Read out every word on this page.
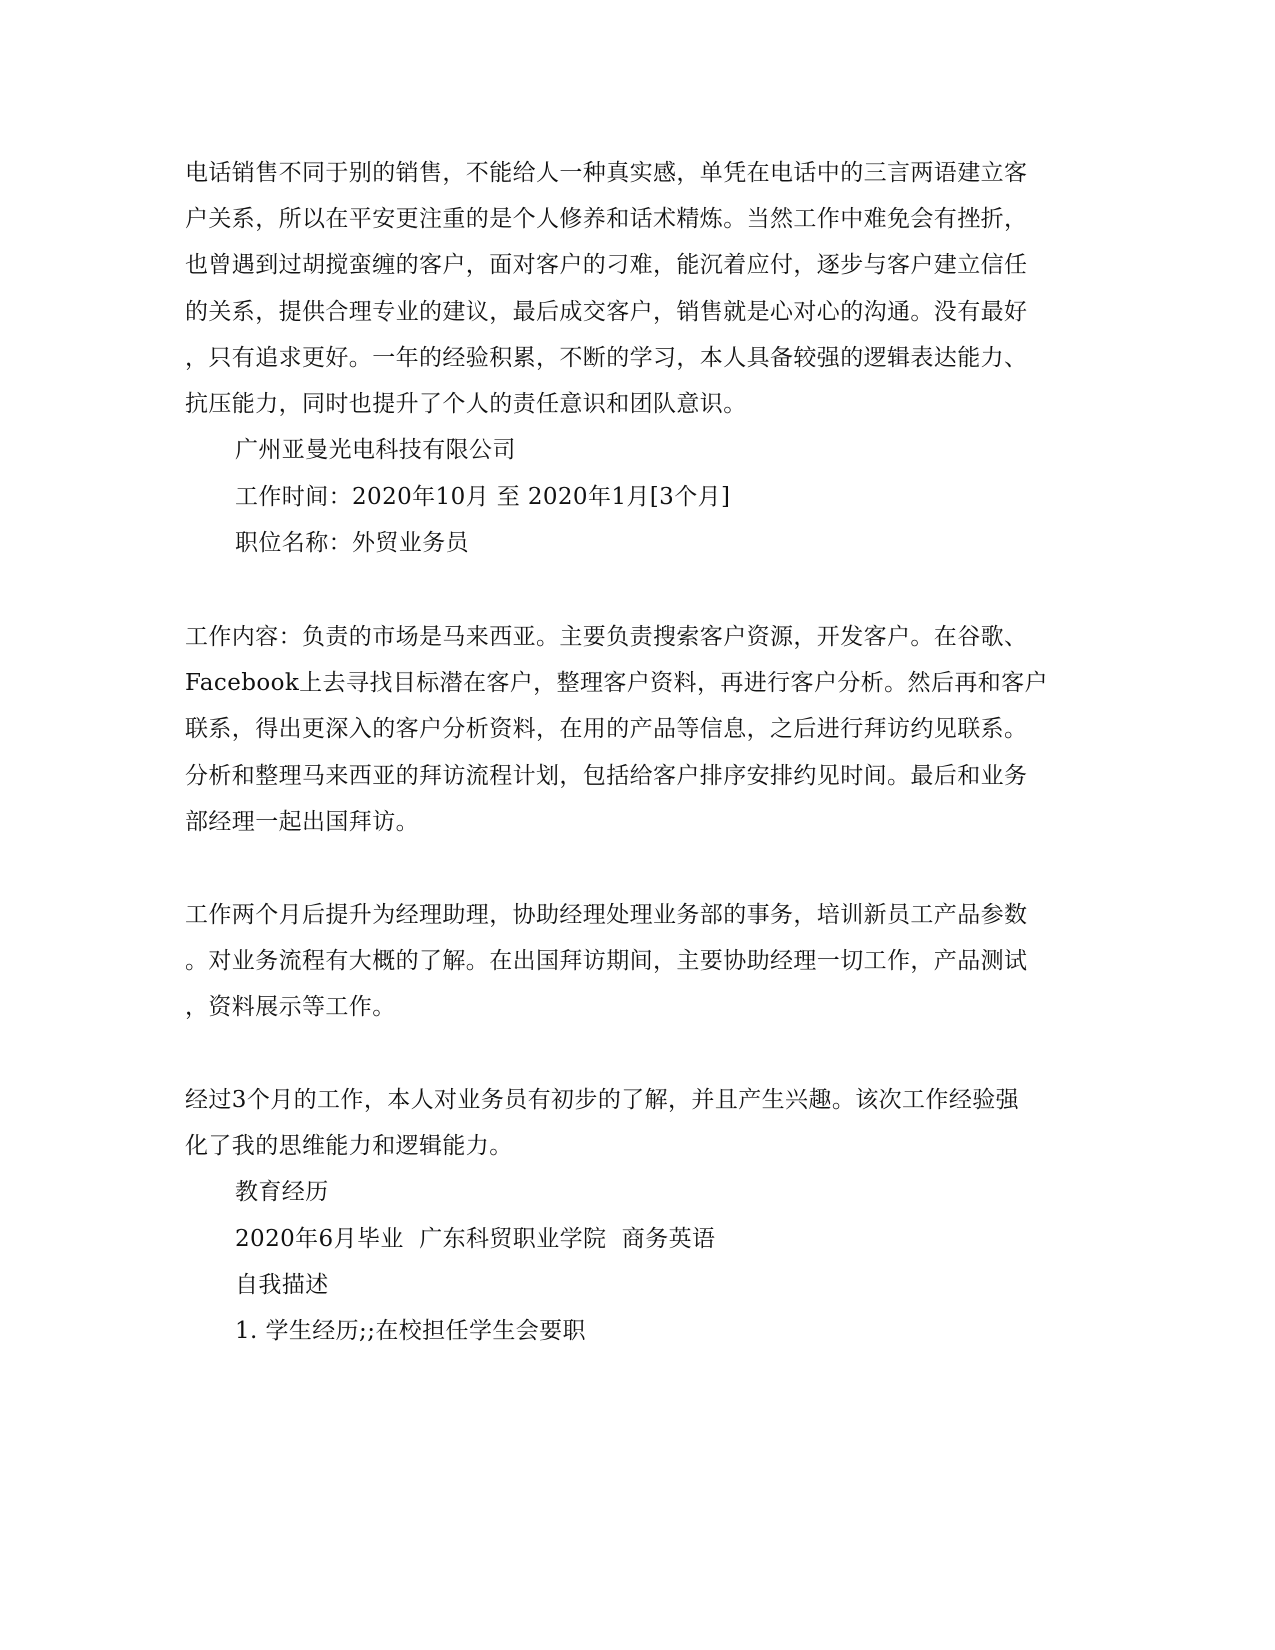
电话销售不同于别的销售，不能给人一种真实感，单凭在电话中的三言两语建立客
户关系，所以在平安更注重的是个人修养和话术精炼。当然工作中难免会有挫折，
也曾遇到过胡搅蛮缠的客户，面对客户的刁难，能沉着应付，逐步与客户建立信任
的关系，提供合理专业的建议，最后成交客户，销售就是心对心的沟通。没有最好
，只有追求更好。一年的经验积累，不断的学习，本人具备较强的逻辑表达能力、
抗压能力，同时也提升了个人的责任意识和团队意识。
广州亚曼光电科技有限公司
工作时间：2020年10月 至 2020年1月[3个月]
职位名称：外贸业务员
工作内容：负责的市场是马来西亚。主要负责搜索客户资源，开发客户。在谷歌、
Facebook上去寻找目标潜在客户，整理客户资料，再进行客户分析。然后再和客户
联系，得出更深入的客户分析资料，在用的产品等信息，之后进行拜访约见联系。
分析和整理马来西亚的拜访流程计划，包括给客户排序安排约见时间。最后和业务
部经理一起出国拜访。
工作两个月后提升为经理助理，协助经理处理业务部的事务，培训新员工产品参数
。对业务流程有大概的了解。在出国拜访期间，主要协助经理一切工作，产品测试
，资料展示等工作。
经过3个月的工作，本人对业务员有初步的了解，并且产生兴趣。该次工作经验强
化了我的思维能力和逻辑能力。
教育经历
2020年6月毕业  广东科贸职业学院  商务英语
自我描述
1. 学生经历;;在校担任学生会要职
